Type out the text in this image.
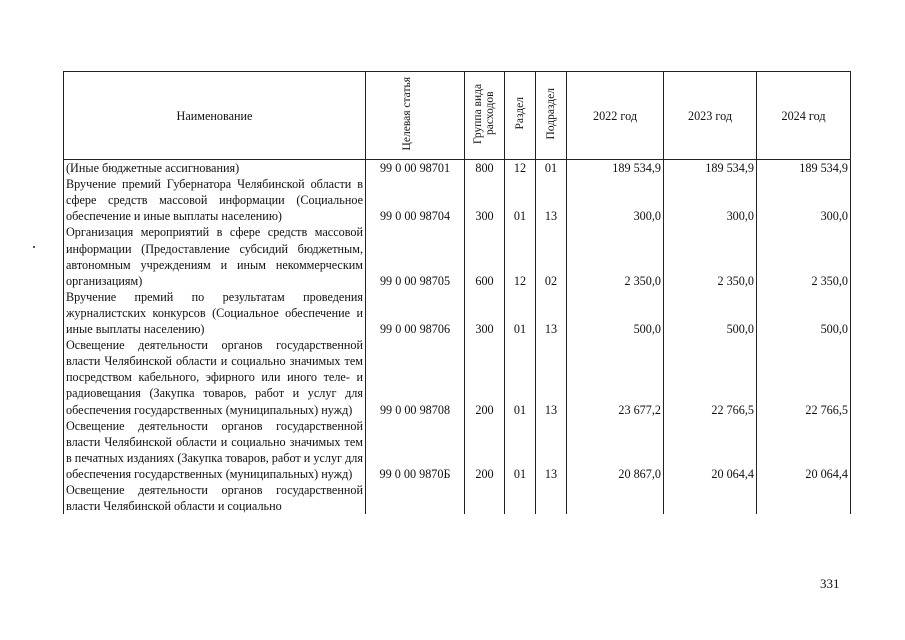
Наименование	Целевая статья	Группа вида расходов	Раздел	Подраздел	2022 год	2023 год	2024 год
(Иные бюджетные ассигнования)	99 0 00 98701	800	12	01	189 534,9	189 534,9	189 534,9
Вручение премий Губернатора Челябинской области в сфере средств массовой информации (Социальное обеспечение и иные выплаты населению)	99 0 00 98704	300	01	13	300,0	300,0	300,0
Организация мероприятий в сфере средств массовой информации (Предоставление субсидий бюджетным, автономным учреждениям и иным некоммерческим организациям)	99 0 00 98705	600	12	02	2 350,0	2 350,0	2 350,0
Вручение премий по результатам проведения журналистских конкурсов (Социальное обеспечение и иные выплаты населению)	99 0 00 98706	300	01	13	500,0	500,0	500,0
Освещение деятельности органов государственной власти Челябинской области и социально значимых тем посредством кабельного, эфирного или иного теле- и радиовещания (Закупка товаров, работ и услуг для обеспечения государственных (муниципальных) нужд)	99 0 00 98708	200	01	13	23 677,2	22 766,5	22 766,5
Освещение деятельности органов государственной власти Челябинской области и социально значимых тем в печатных изданиях (Закупка товаров, работ и услуг для обеспечения государственных (муниципальных) нужд)	99 0 00 9870Б	200	01	13	20 867,0	20 064,4	20 064,4
Освещение деятельности органов государственной власти Челябинской области и социально							
331
